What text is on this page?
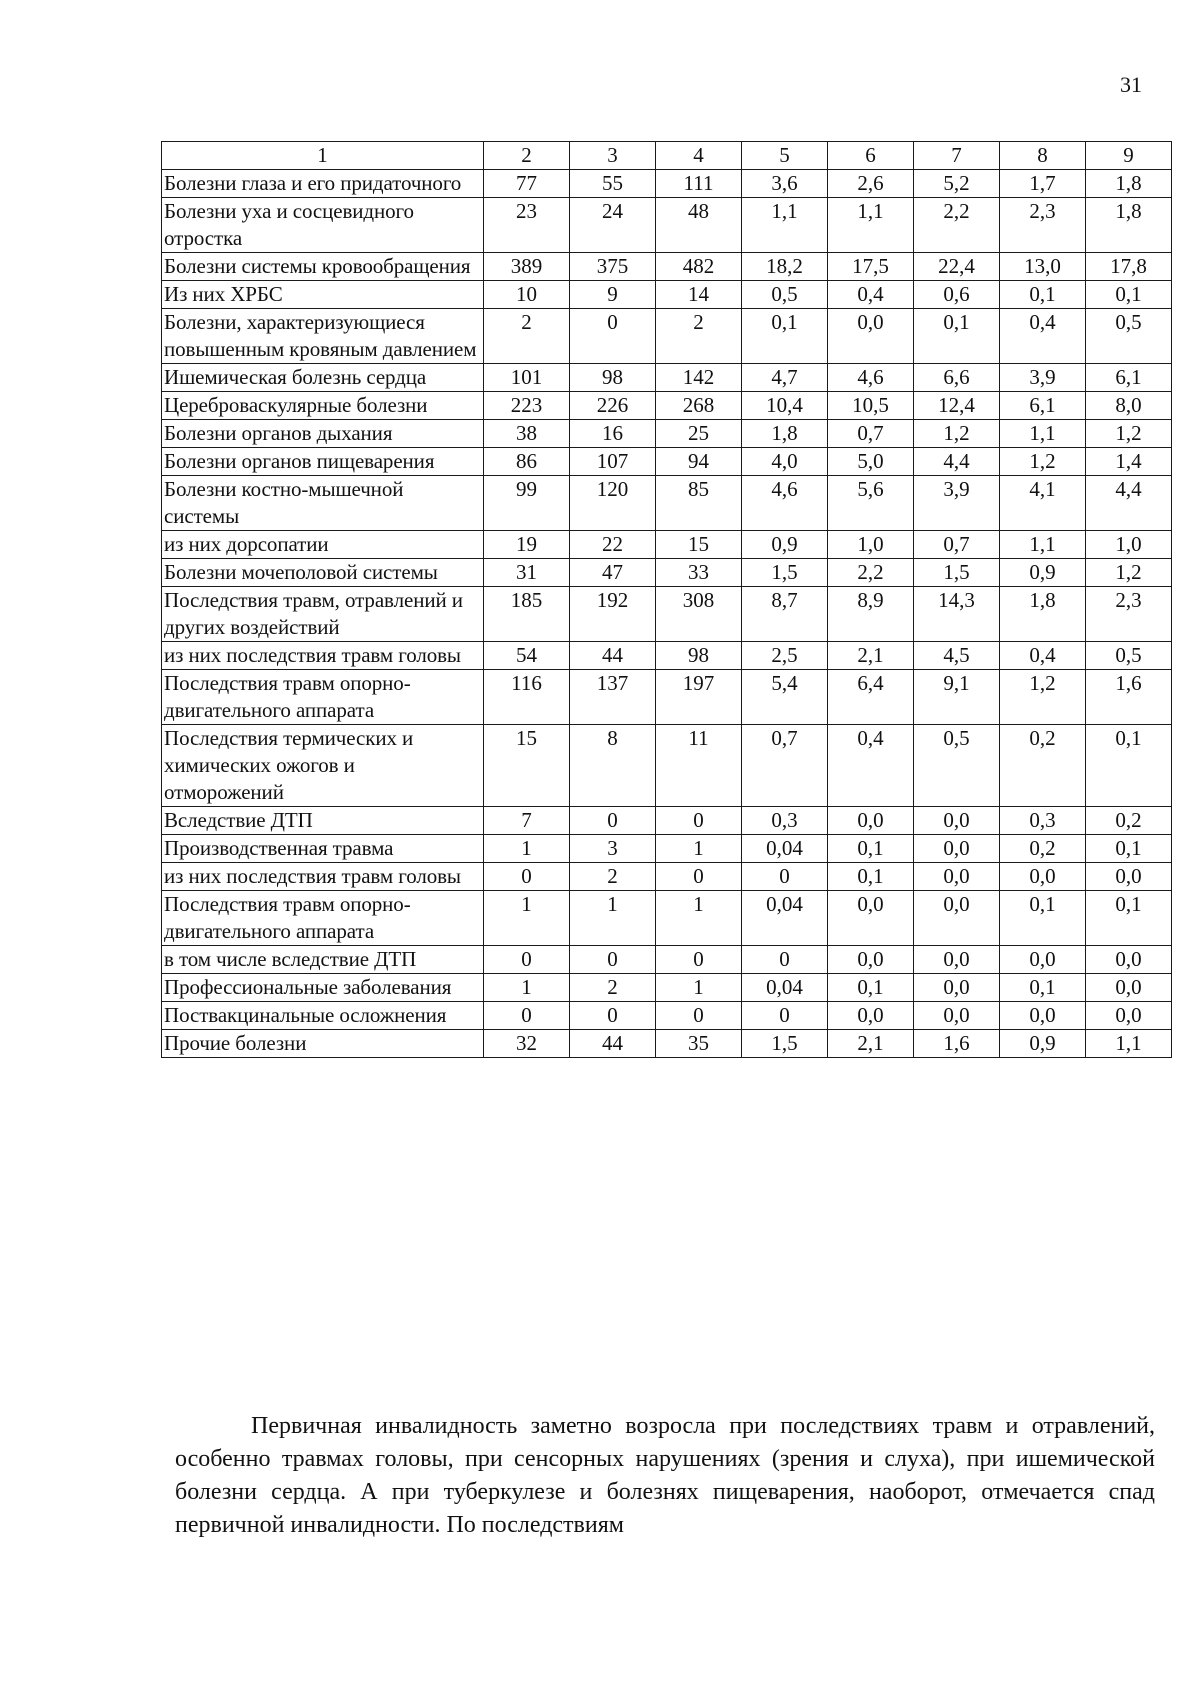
31
1	2	3	4	5	6	7	8	9
Болезни глаза и его придаточного	77	55	111	3,6	2,6	5,2	1,7	1,8
Болезни уха и сосцевидного отростка	23	24	48	1,1	1,1	2,2	2,3	1,8
Болезни системы кровообращения	389	375	482	18,2	17,5	22,4	13,0	17,8
Из них ХРБС	10	9	14	0,5	0,4	0,6	0,1	0,1
Болезни, характеризующиеся повышенным кровяным давлением	2	0	2	0,1	0,0	0,1	0,4	0,5
Ишемическая болезнь сердца	101	98	142	4,7	4,6	6,6	3,9	6,1
Цереброваскулярные болезни	223	226	268	10,4	10,5	12,4	6,1	8,0
Болезни органов дыхания	38	16	25	1,8	0,7	1,2	1,1	1,2
Болезни органов пищеварения	86	107	94	4,0	5,0	4,4	1,2	1,4
Болезни костно-мышечной системы	99	120	85	4,6	5,6	3,9	4,1	4,4
из них дорсопатии	19	22	15	0,9	1,0	0,7	1,1	1,0
Болезни мочеполовой системы	31	47	33	1,5	2,2	1,5	0,9	1,2
Последствия травм, отравлений и других воздействий	185	192	308	8,7	8,9	14,3	1,8	2,3
из них последствия травм головы	54	44	98	2,5	2,1	4,5	0,4	0,5
Последствия травм опорно-двигательного аппарата	116	137	197	5,4	6,4	9,1	1,2	1,6
Последствия термических и химических ожогов и отморожений	15	8	11	0,7	0,4	0,5	0,2	0,1
Вследствие ДТП	7	0	0	0,3	0,0	0,0	0,3	0,2
Производственная травма	1	3	1	0,04	0,1	0,0	0,2	0,1
из них последствия травм головы	0	2	0	0	0,1	0,0	0,0	0,0
Последствия травм опорно-двигательного аппарата	1	1	1	0,04	0,0	0,0	0,1	0,1
в том числе вследствие ДТП	0	0	0	0	0,0	0,0	0,0	0,0
Профессиональные заболевания	1	2	1	0,04	0,1	0,0	0,1	0,0
Поствакцинальные осложнения	0	0	0	0	0,0	0,0	0,0	0,0
Прочие болезни	32	44	35	1,5	2,1	1,6	0,9	1,1

Первичная инвалидность заметно возросла при последствиях травм и отравлений, особенно травмах головы, при сенсорных нарушениях (зрения и слуха), при ишемической болезни сердца. А при туберкулезе и болезнях пищеварения, наоборот, отмечается спад первичной инвалидности. По последствиям
